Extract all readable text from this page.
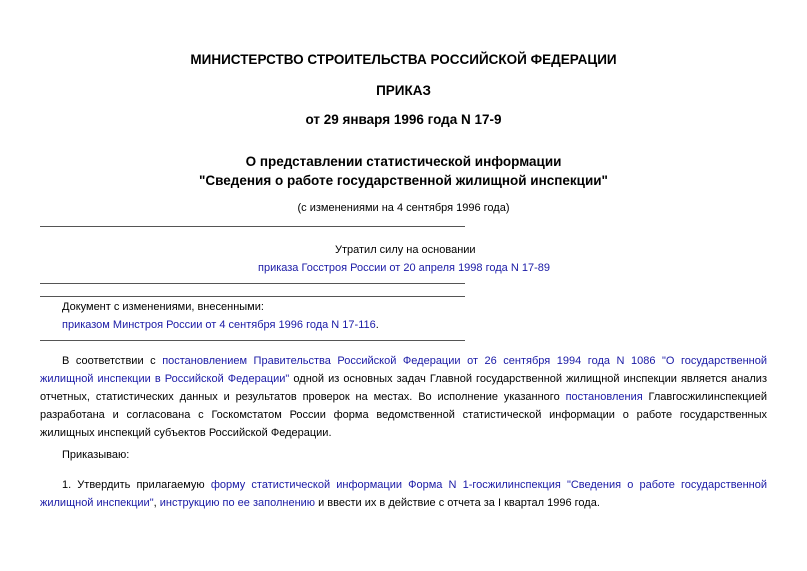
МИНИСТЕРСТВО СТРОИТЕЛЬСТВА РОССИЙСКОЙ ФЕДЕРАЦИИ
ПРИКАЗ
от 29 января 1996 года N 17-9
О представлении статистической информации
"Сведения о работе государственной жилищной инспекции"
(с изменениями на 4 сентября 1996 года)
Утратил силу на основании
приказа Госстроя России от 20 апреля 1998 года N 17-89
Документ с изменениями, внесенными:
приказом Минстроя России от 4 сентября 1996 года N 17-116.
В соответствии с постановлением Правительства Российской Федерации от 26 сентября 1994 года N 1086 "О государственной жилищной инспекции в Российской Федерации" одной из основных задач Главной государственной жилищной инспекции является анализ отчетных, статистических данных и результатов проверок на местах. Во исполнение указанного постановления Главгосжилинспекцией разработана и согласована с Госкомстатом России форма ведомственной статистической информации о работе государственных жилищных инспекций субъектов Российской Федерации.
Приказываю:
1. Утвердить прилагаемую форму статистической информации Форма N 1-госжилинспекция "Сведения о работе государственной жилищной инспекции", инструкцию по ее заполнению и ввести их в действие с отчета за I квартал 1996 года.
